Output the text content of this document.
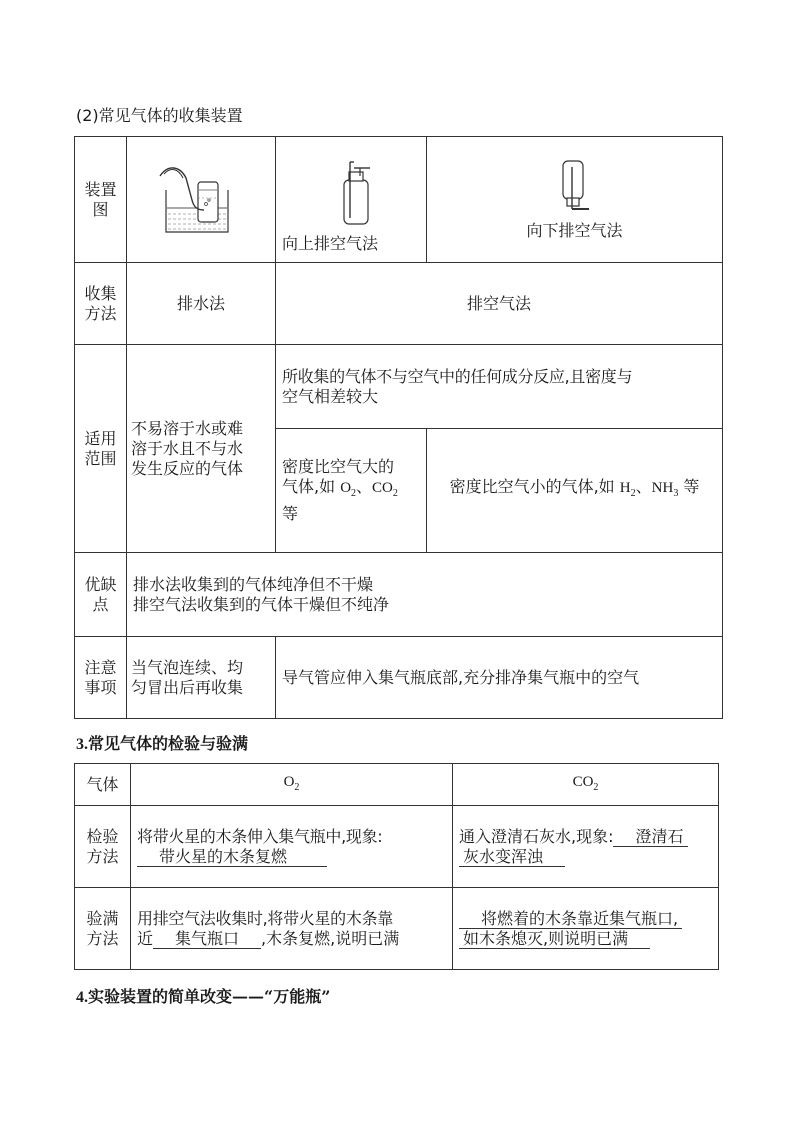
(2)常见气体的收集装置
装置
图		向上排空气法	向下排空气法

收集
方法	排水法	排空气法	

适用
范围	不易溶于水或难
溶于水且不与水
发生反应的气体	所收集的气体不与空气中的任何成分反应,且密度与
空气相差较大	

		密度比空气大的
气体,如 $O_2$、$CO_2$
等	密度比空气小的气体,如 $H_2$、$NH_3$ 等

优缺
点	排水法收集到的气体纯净但不干燥
排空气法收集到的气体干燥但不纯净		

注意
事项	当气泡连续、均
匀冒出后再收集	导气管应伸入集气瓶底部,充分排净集气瓶中的空气	
3.常见气体的检验与验满
气体	$O_2$	$CO_2$

检验
方法	将带火星的木条伸入集气瓶中,现象:
带火星的木条复燃	通入澄清石灰水,现象: 澄清石
灰水变浑浊

验满
方法	用排空气法收集时,将带火星的木条靠
近 集气瓶口 ,木条复燃,说明已满	将燃着的木条靠近集气瓶口,
如木条熄灭,则说明已满
4.实验装置的简单改变——“万能瓶”
